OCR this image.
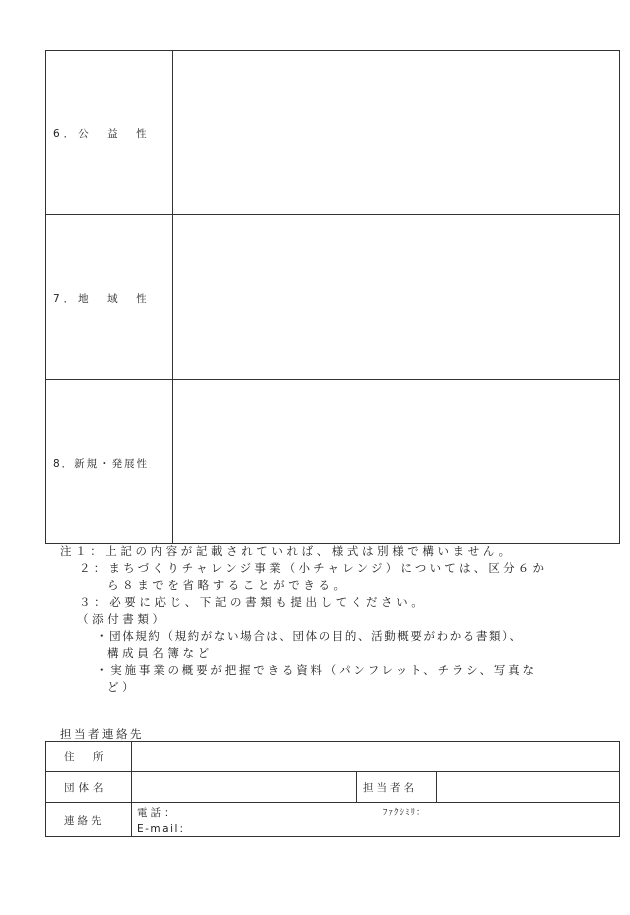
6．公　益　性
7．地　域　性
8．新規・発展性
注１：上記の内容が記載されていれば、様式は別様で構いません。
２：まちづくりチャレンジ事業（小チャレンジ）については、区分６か
ら８までを省略することができる。
３：必要に応じ、下記の書類も提出してください。
（添付書類）
・団体規約（規約がない場合は、団体の目的、活動概要がわかる書類）、
構成員名簿など
・実施事業の概要が把握できる資料（パンフレット、チラシ、写真な
ど）
担当者連絡先
住　所
団体名	担当者名
連絡先
電話：	ﾌｧｸｼﾐﾘ：
E-mail：
